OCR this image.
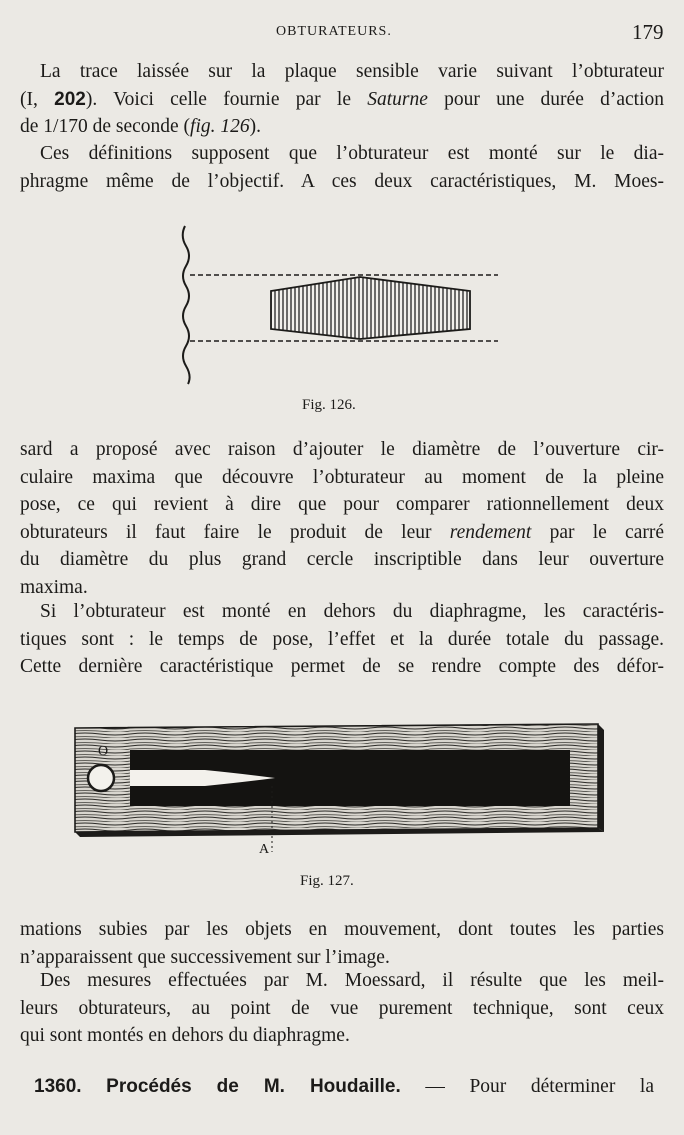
OBTURATEURS.	179
La trace laissée sur la plaque sensible varie suivant l’obturateur
(I, 202). Voici celle fournie par le Saturne pour une durée d’action
de 1/170 de seconde (fig. 126).
Ces définitions supposent que l’obturateur est monté sur le dia-
phragme même de l’objectif. A ces deux caractéristiques, M. Moes-
Fig. 126.
sard a proposé avec raison d’ajouter le diamètre de l’ouverture cir-
culaire maxima que découvre l’obturateur au moment de la pleine
pose, ce qui revient à dire que pour comparer rationnellement deux
obturateurs il faut faire le produit de leur rendement par le carré
du diamètre du plus grand cercle inscriptible dans leur ouverture
maxima.
Si l’obturateur est monté en dehors du diaphragme, les caractéris-
tiques sont : le temps de pose, l’effet et la durée totale du passage.
Cette dernière caractéristique permet de se rendre compte des défor-
O
A
Fig. 127.
mations subies par les objets en mouvement, dont toutes les parties
n’apparaissent que successivement sur l’image.
Des mesures effectuées par M. Moessard, il résulte que les meil-
leurs obturateurs, au point de vue purement technique, sont ceux
qui sont montés en dehors du diaphragme.
1360. Procédés de M. Houdaille. — Pour déterminer la
